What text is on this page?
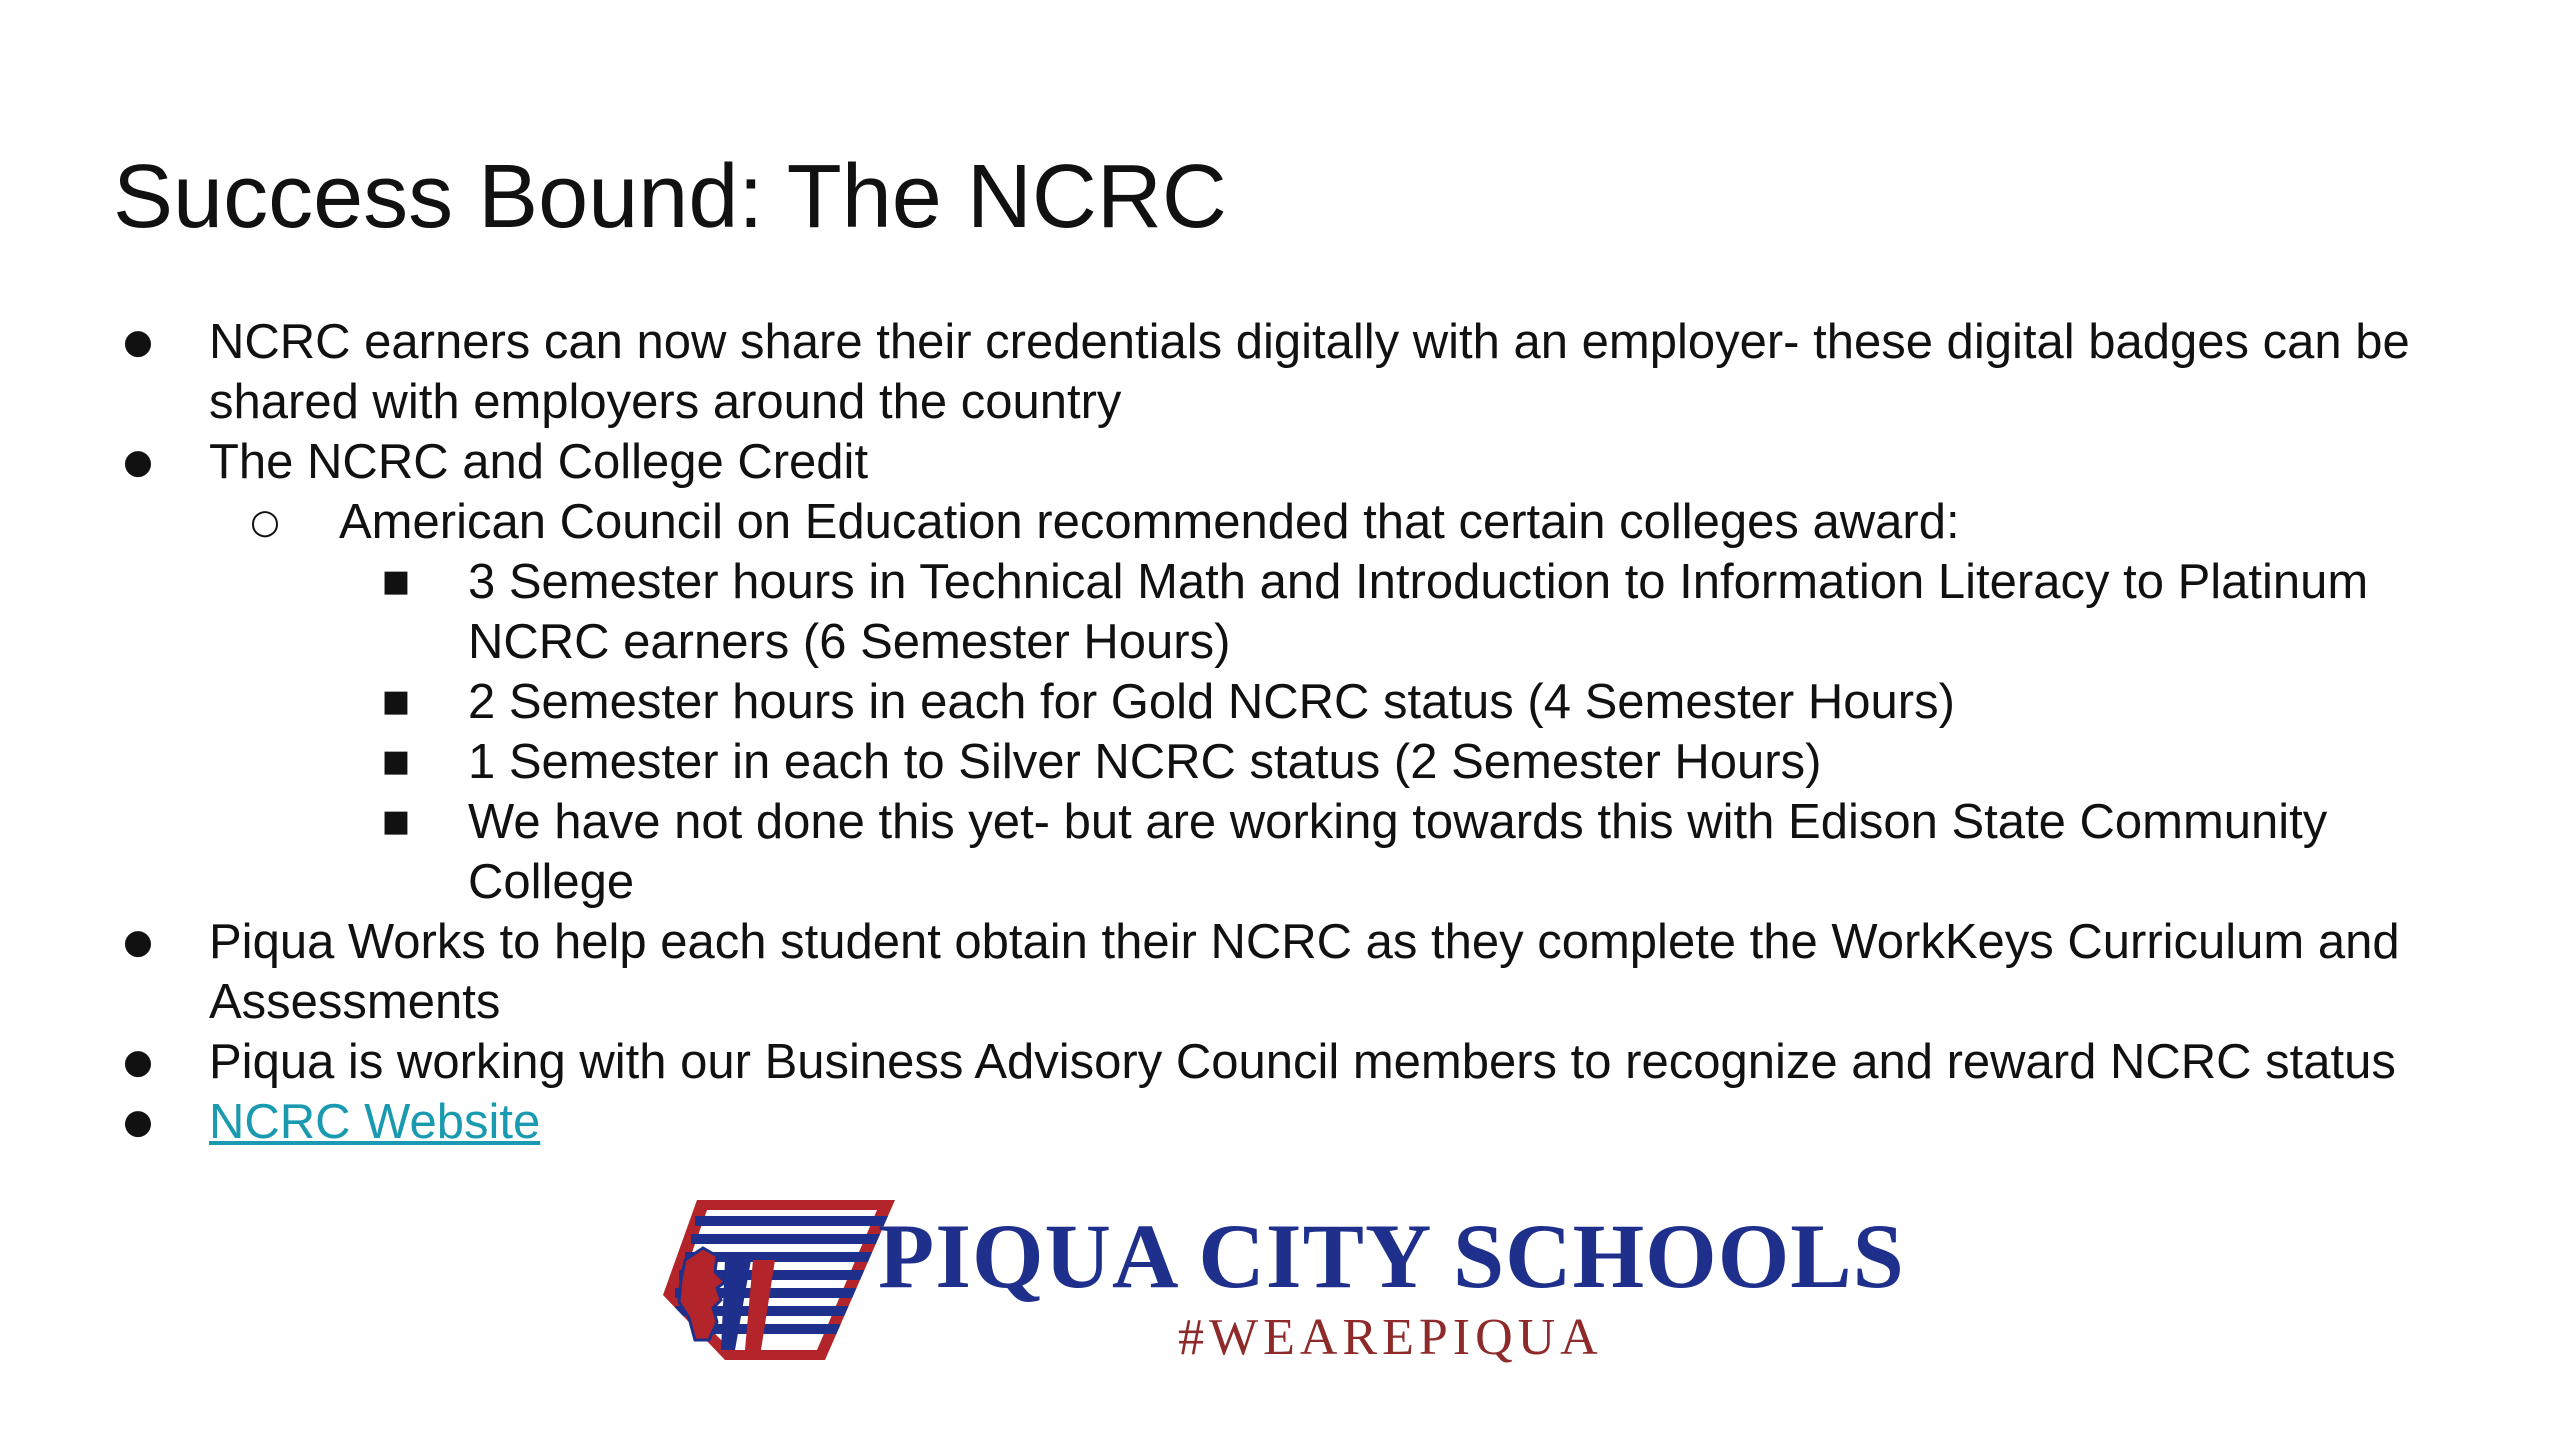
Success Bound: The NCRC
● NCRC earners can now share their credentials digitally with an employer- these digital badges can be
shared with employers around the country
● The NCRC and College Credit
○ American Council on Education recommended that certain colleges award:
■ 3 Semester hours in Technical Math and Introduction to Information Literacy to Platinum
NCRC earners (6 Semester Hours)
■ 2 Semester hours in each for Gold NCRC status (4 Semester Hours)
■ 1 Semester in each to Silver NCRC status (2 Semester Hours)
■ We have not done this yet- but are working towards this with Edison State Community
College
● Piqua Works to help each student obtain their NCRC as they complete the WorkKeys Curriculum and
Assessments
● Piqua is working with our Business Advisory Council members to recognize and reward NCRC status
● NCRC Website
PIQUA CITY SCHOOLS
#WEAREPIQUA
